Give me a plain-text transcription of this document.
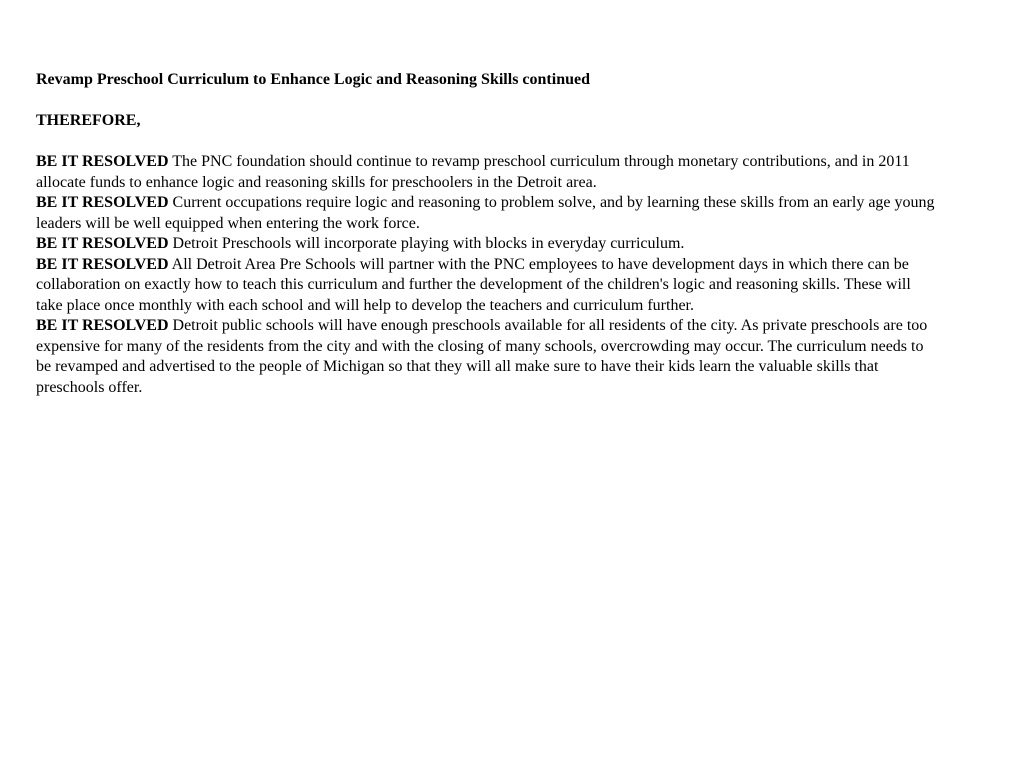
Revamp Preschool Curriculum to Enhance Logic and Reasoning Skills continued

THEREFORE,

BE IT RESOLVED The PNC foundation should continue to revamp preschool curriculum through monetary contributions, and in 2011 allocate funds to enhance logic and reasoning skills for preschoolers in the Detroit area.

BE IT RESOLVED Current occupations require logic and reasoning to problem solve, and by learning these skills from an early age young leaders will be well equipped when entering the work force.

BE IT RESOLVED Detroit Preschools will incorporate playing with blocks in everyday curriculum.

BE IT RESOLVED All Detroit Area Pre Schools will partner with the PNC employees to have development days in which there can be collaboration on exactly how to teach this curriculum and further the development of the children's logic and reasoning skills. These will take place once monthly with each school and will help to develop the teachers and curriculum further.

BE IT RESOLVED Detroit public schools will have enough preschools available for all residents of the city. As private preschools are too expensive for many of the residents from the city and with the closing of many schools, overcrowding may occur. The curriculum needs to be revamped and advertised to the people of Michigan so that they will all make sure to have their kids learn the valuable skills that preschools offer.
